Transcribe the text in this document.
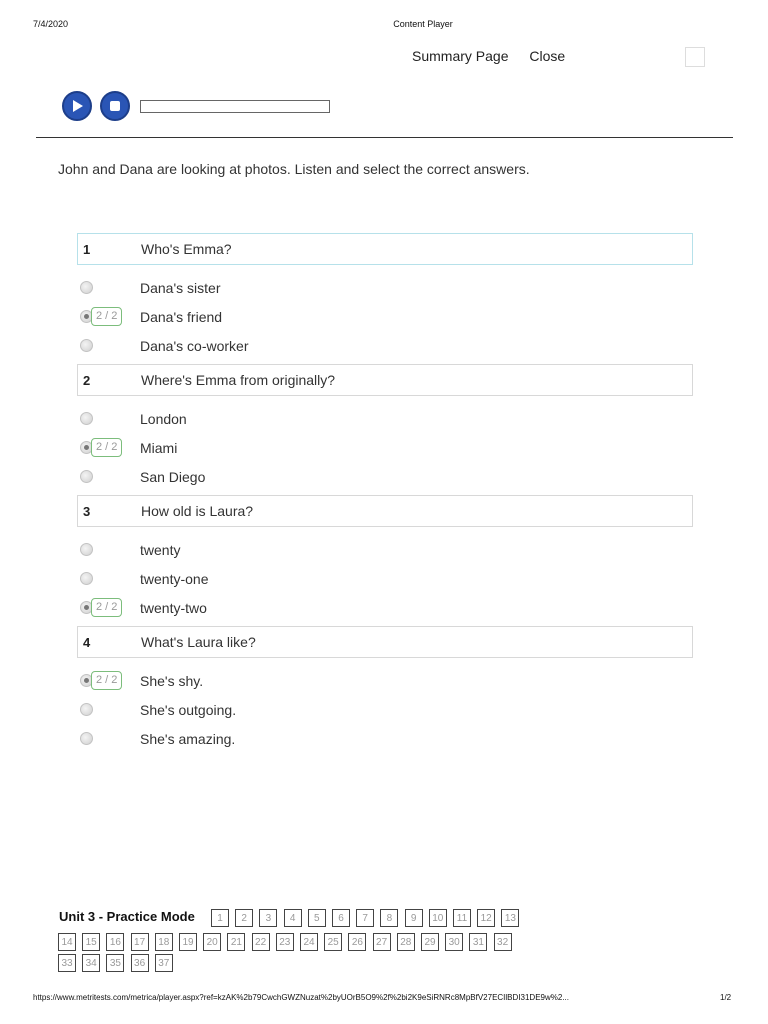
7/4/2020	Content Player
Summary Page Close
John and Dana are looking at photos. Listen and select the correct answers.
1	Who's Emma?
Dana's sister
2 / 2	Dana's friend
Dana's co-worker
2	Where's Emma from originally?
London
2 / 2	Miami
San Diego
3	How old is Laura?
twenty
twenty-one
2 / 2	twenty-two
4	What's Laura like?
2 / 2	She's shy.
She's outgoing.
She's amazing.
Unit 3 - Practice Mode 1 2 3 4 5 6 7 8 9 10 11 12 13
14 15 16 17 18 19 20 21 22 23 24 25 26 27 28 29 30 31 32
33 34 35 36 37
https://www.metritests.com/metrica/player.aspx?ref=kzAK%2b79CwchGWZNuzat%2byUOrB5O9%2f%2bi2K9eSiRNRc8MpBfV27ECIlBDI31DE9w%2...	1/2
